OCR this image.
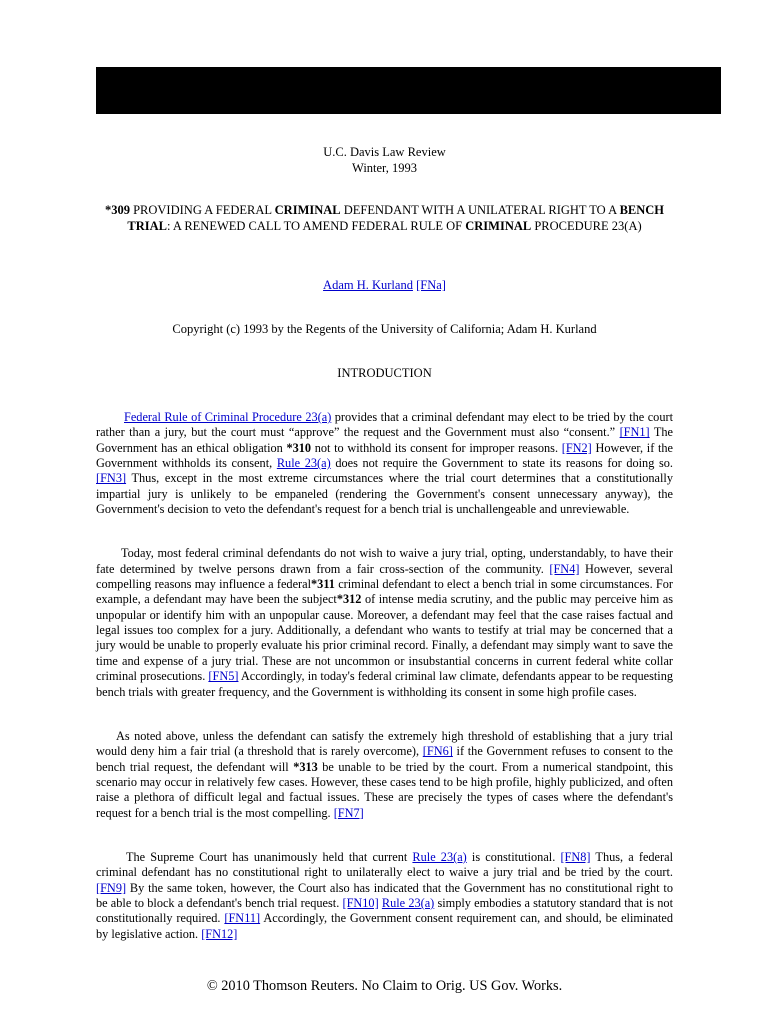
U.C. Davis Law Review
Winter, 1993
*309 PROVIDING A FEDERAL CRIMINAL DEFENDANT WITH A UNILATERAL RIGHT TO A BENCH TRIAL: A RENEWED CALL TO AMEND FEDERAL RULE OF CRIMINAL PROCEDURE 23(A)
Adam H. Kurland [FNa]
Copyright (c) 1993 by the Regents of the University of California; Adam H. Kurland
INTRODUCTION

Federal Rule of Criminal Procedure 23(a) provides that a criminal defendant may elect to be tried by the court rather than a jury, but the court must “approve” the request and the Government must also “consent.” [FN1] The Government has an ethical obligation *310 not to withhold its consent for improper reasons. [FN2] However, if the Government withholds its consent, Rule 23(a) does not require the Government to state its reasons for doing so. [FN3] Thus, except in the most extreme circumstances where the trial court determines that a constitutionally impartial jury is unlikely to be empaneled (rendering the Government's consent unnecessary anyway), the Government's decision to veto the defendant's request for a bench trial is unchallengeable and unreviewable.

Today, most federal criminal defendants do not wish to waive a jury trial, opting, understandably, to have their fate determined by twelve persons drawn from a fair cross-section of the community. [FN4] However, several compelling reasons may influence a federal*311 criminal defendant to elect a bench trial in some circumstances. For example, a defendant may have been the subject*312 of intense media scrutiny, and the public may perceive him as unpopular or identify him with an unpopular cause. Moreover, a defendant may feel that the case raises factual and legal issues too complex for a jury. Additionally, a defendant who wants to testify at trial may be concerned that a jury would be unable to properly evaluate his prior criminal record. Finally, a defendant may simply want to save the time and expense of a jury trial. These are not uncommon or insubstantial concerns in current federal white collar criminal prosecutions. [FN5] Accordingly, in today's federal criminal law climate, defendants appear to be requesting bench trials with greater frequency, and the Government is withholding its consent in some high profile cases.

As noted above, unless the defendant can satisfy the extremely high threshold of establishing that a jury trial would deny him a fair trial (a threshold that is rarely overcome), [FN6] if the Government refuses to consent to the bench trial request, the defendant will *313 be unable to be tried by the court. From a numerical standpoint, this scenario may occur in relatively few cases. However, these cases tend to be high profile, highly publicized, and often raise a plethora of difficult legal and factual issues. These are precisely the types of cases where the defendant's request for a bench trial is the most compelling. [FN7]

The Supreme Court has unanimously held that current Rule 23(a) is constitutional. [FN8] Thus, a federal criminal defendant has no constitutional right to unilaterally elect to waive a jury trial and be tried by the court. [FN9] By the same token, however, the Court also has indicated that the Government has no constitutional right to be able to block a defendant's bench trial request. [FN10] Rule 23(a) simply embodies a statutory standard that is not constitutionally required. [FN11] Accordingly, the Government consent requirement can, and should, be eliminated by legislative action. [FN12]

© 2010 Thomson Reuters. No Claim to Orig. US Gov. Works.
